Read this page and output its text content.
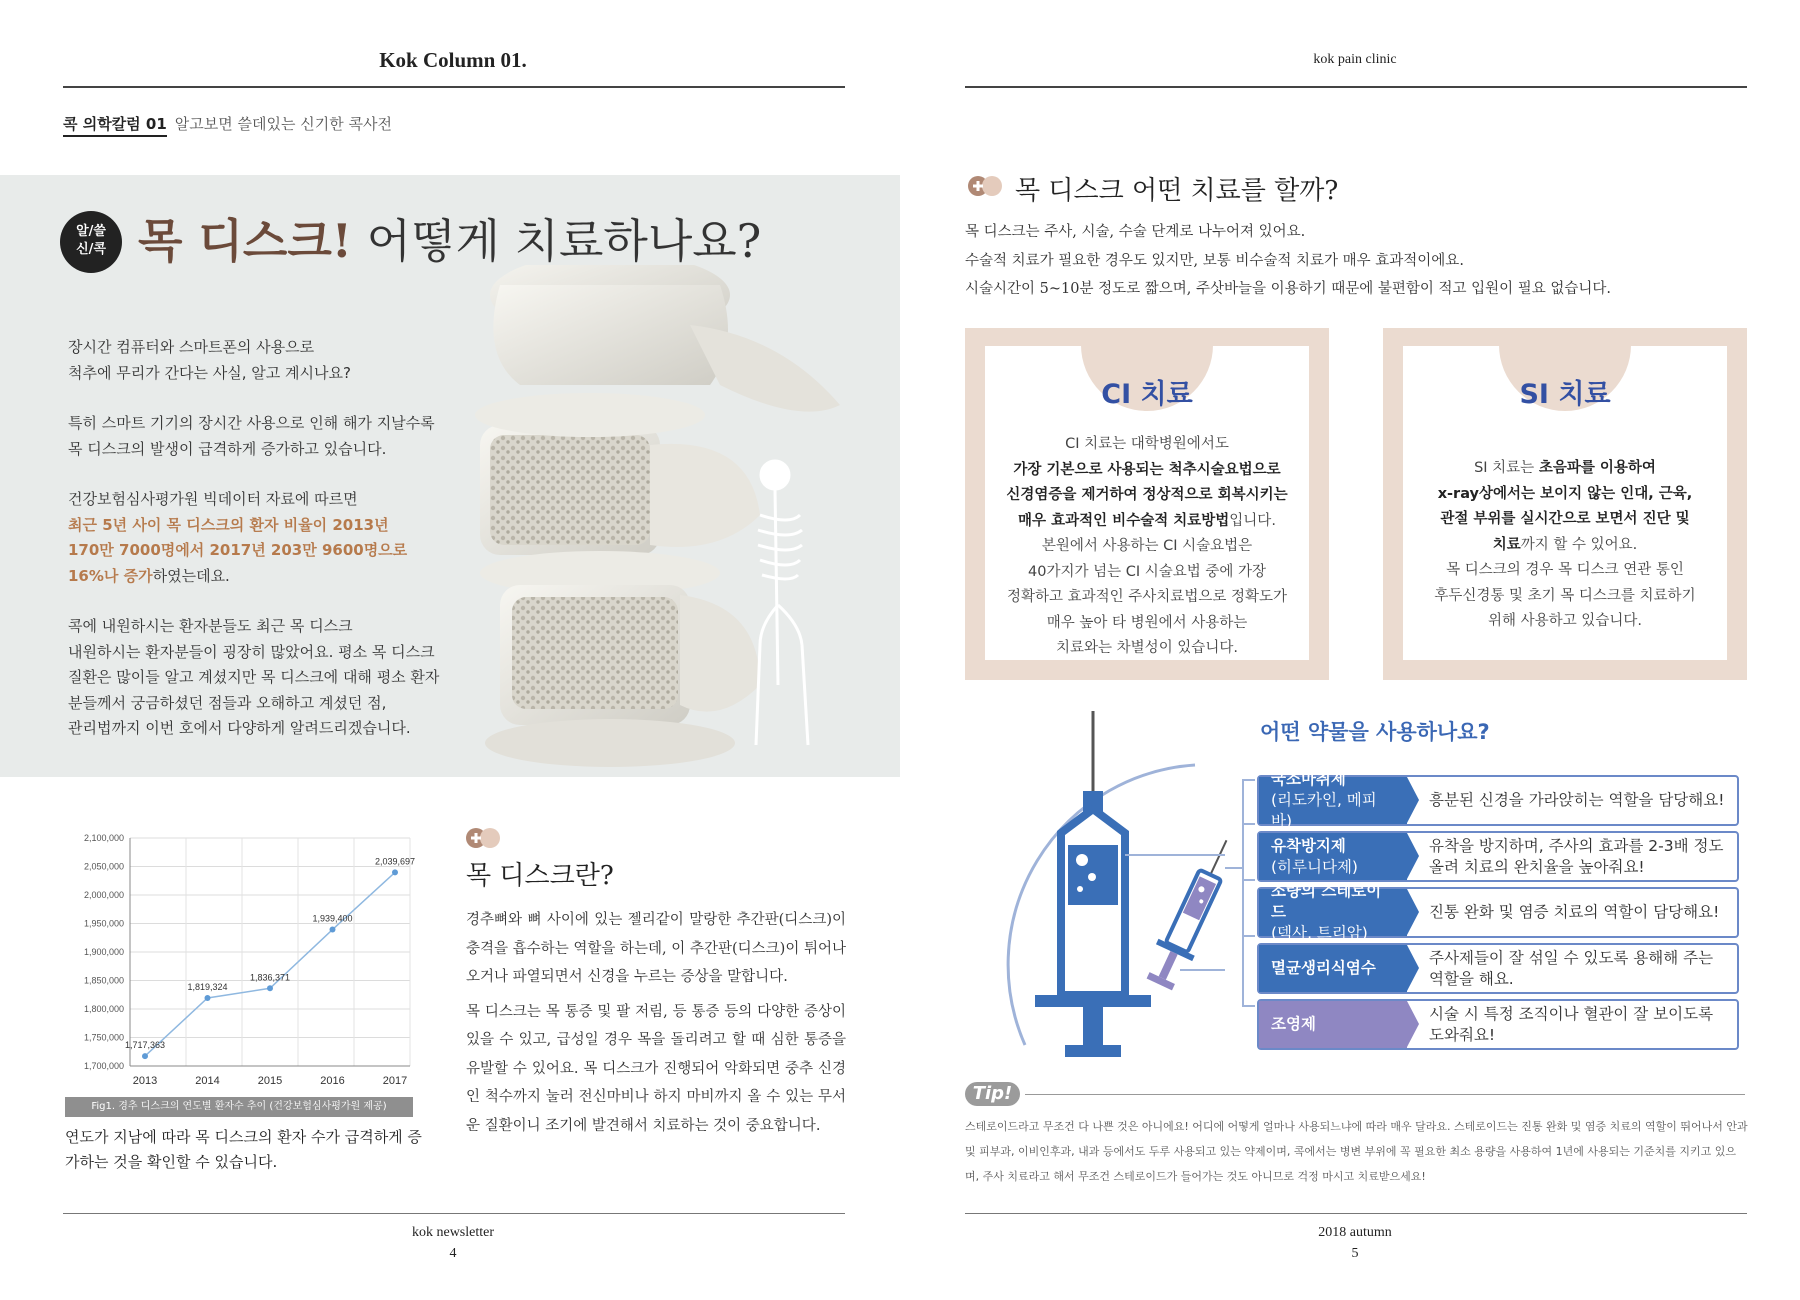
Kok Column 01.
콕 의학칼럼 01 알고보면 쓸데있는 신기한 콕사전
알/쓸
신/콕 목 디스크! 어떻게 치료하나요?

장시간 컴퓨터와 스마트폰의 사용으로
척추에 무리가 간다는 사실, 알고 계시나요?

특히 스마트 기기의 장시간 사용으로 인해 해가 지날수록
목 디스크의 발생이 급격하게 증가하고 있습니다.

건강보험심사평가원 빅데이터 자료에 따르면
최근 5년 사이 목 디스크의 환자 비율이 2013년
170만 7000명에서 2017년 203만 9600명으로
16%나 증가하였는데요.

콕에 내원하시는 환자분들도 최근 목 디스크
내원하시는 환자분들이 굉장히 많았어요. 평소 목 디스크
질환은 많이들 알고 계셨지만 목 디스크에 대해 평소 환자
분들께서 궁금하셨던 점들과 오해하고 계셨던 점,
관리법까지 이번 호에서 다양하게 알려드리겠습니다.

1,700,000
1,750,000
1,800,000
1,850,000
1,900,000
1,950,000
2,000,000
2,050,000
2,100,000
1,717,363
2013
1,819,324
2014
1,836,371
2015
1,939,400
2016
2,039,697
2017
Fig1. 경추 디스크의 연도별 환자수 추이 (건강보험심사평가원 제공)
연도가 지남에 따라 목 디스크의 환자 수가 급격하게 증가하는 것을 확인할 수 있습니다.
목 디스크란?

경추뼈와 뼈 사이에 있는 젤리같이 말랑한 추간판(디스크)이 충격을 흡수하는 역할을 하는데, 이 추간판(디스크)이 튀어나오거나 파열되면서 신경을 누르는 증상을 말합니다.

목 디스크는 목 통증 및 팔 저림, 등 통증 등의 다양한 증상이 있을 수 있고, 급성일 경우 목을 돌리려고 할 때 심한 통증을 유발할 수 있어요. 목 디스크가 진행되어 악화되면 중추 신경인 척수까지 눌러 전신마비나 하지 마비까지 올 수 있는 무서운 질환이니 조기에 발견해서 치료하는 것이 중요합니다.

kok newsletter
4
kok pain clinic
목 디스크 어떤 치료를 할까?
목 디스크는 주사, 시술, 수술 단계로 나누어져 있어요.
수술적 치료가 필요한 경우도 있지만, 보통 비수술적 치료가 매우 효과적이에요.
시술시간이 5~10분 정도로 짧으며, 주삿바늘을 이용하기 때문에 불편함이 적고 입원이 필요 없습니다.
CI 치료
CI 치료는 대학병원에서도
가장 기본으로 사용되는 척추시술요법으로
신경염증을 제거하여 정상적으로 회복시키는
매우 효과적인 비수술적 치료방법입니다.
본원에서 사용하는 CI 시술요법은
40가지가 넘는 CI 시술요법 중에 가장
정확하고 효과적인 주사치료법으로 정확도가
매우 높아 타 병원에서 사용하는
치료와는 차별성이 있습니다.
SI 치료
SI 치료는 초음파를 이용하여
x-ray상에서는 보이지 않는 인대, 근육,
관절 부위를 실시간으로 보면서 진단 및
치료까지 할 수 있어요.
목 디스크의 경우 목 디스크 연관 통인
후두신경통 및 초기 목 디스크를 치료하기
위해 사용하고 있습니다.
어떤 약물을 사용하나요?
국소마취제
(리도카인, 메피바)
흥분된 신경을 가라앉히는 역할을 담당해요!
유착방지제
(히루니다제)
유착을 방지하며, 주사의 효과를 2-3배 정도 올려 치료의 완치율을 높아줘요!
소량의 스테로이드
(덱사, 트리암)
진통 완화 및 염증 치료의 역할이 담당해요!
멸균생리식염수
주사제들이 잘 섞일 수 있도록 용해해 주는 역할을 해요.
조영제
시술 시 특정 조직이나 혈관이 잘 보이도록 도와줘요!
Tip!
스테로이드라고 무조건 다 나쁜 것은 아니에요! 어디에 어떻게 얼마나 사용되느냐에 따라 매우 달라요. 스테로이드는 진통 완화 및 염증 치료의 역할이 뛰어나서 안과 및 피부과, 이비인후과, 내과 등에서도 두루 사용되고 있는 약제이며, 콕에서는 병변 부위에 꼭 필요한 최소 용량을 사용하여 1년에 사용되는 기준치를 지키고 있으며, 주사 치료라고 해서 무조건 스테로이드가 들어가는 것도 아니므로 걱정 마시고 치료받으세요!
2018 autumn
5
